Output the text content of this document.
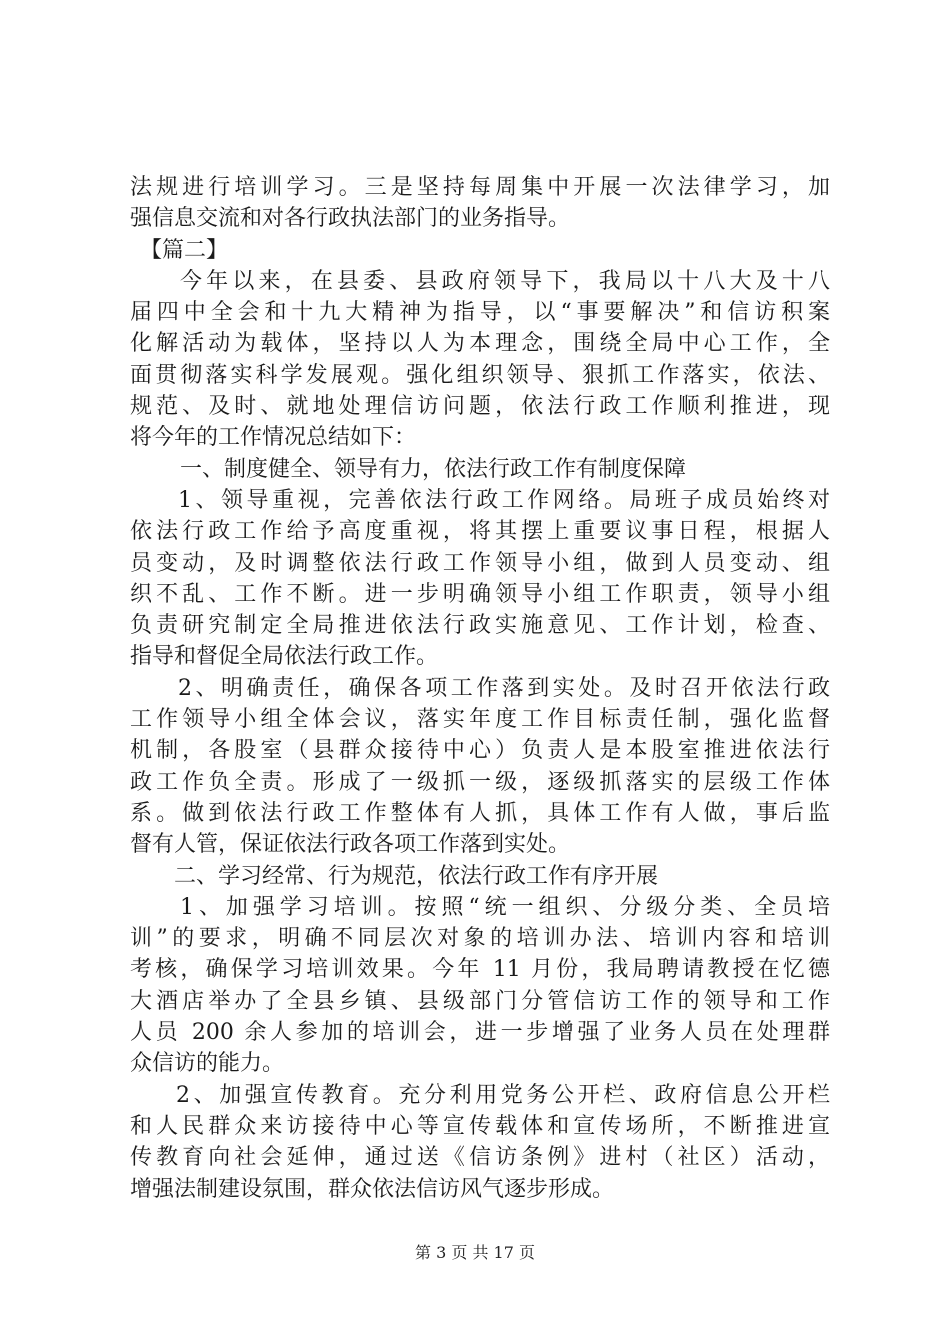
法规进行培训学习。三是坚持每周集中开展一次法律学习，加
强信息交流和对各行政执法部门的业务指导。
【篇二】
今年以来，在县委、县政府领导下，我局以十八大及十八
届四中全会和十九大精神为指导，以“事要解决”和信访积案
化解活动为载体，坚持以人为本理念，围绕全局中心工作，全
面贯彻落实科学发展观。强化组织领导、狠抓工作落实，依法、
规范、及时、就地处理信访问题，依法行政工作顺利推进，现
将今年的工作情况总结如下：
一、制度健全、领导有力，依法行政工作有制度保障
1、领导重视，完善依法行政工作网络。局班子成员始终对
依法行政工作给予高度重视，将其摆上重要议事日程，根据人
员变动，及时调整依法行政工作领导小组，做到人员变动、组
织不乱、工作不断。进一步明确领导小组工作职责，领导小组
负责研究制定全局推进依法行政实施意见、工作计划，检查、
指导和督促全局依法行政工作。
2、明确责任，确保各项工作落到实处。及时召开依法行政
工作领导小组全体会议，落实年度工作目标责任制，强化监督
机制，各股室（县群众接待中心）负责人是本股室推进依法行
政工作负全责。形成了一级抓一级，逐级抓落实的层级工作体
系。做到依法行政工作整体有人抓，具体工作有人做，事后监
督有人管，保证依法行政各项工作落到实处。
二、学习经常、行为规范，依法行政工作有序开展
1、加强学习培训。按照“统一组织、分级分类、全员培
训”的要求，明确不同层次对象的培训办法、培训内容和培训
考核，确保学习培训效果。今年 11 月份，我局聘请教授在忆德
大酒店举办了全县乡镇、县级部门分管信访工作的领导和工作
人员 200 余人参加的培训会，进一步增强了业务人员在处理群
众信访的能力。
2、加强宣传教育。充分利用党务公开栏、政府信息公开栏
和人民群众来访接待中心等宣传载体和宣传场所，不断推进宣
传教育向社会延伸，通过送《信访条例》进村（社区）活动，
增强法制建设氛围，群众依法信访风气逐步形成。
第 3 页 共 17 页
